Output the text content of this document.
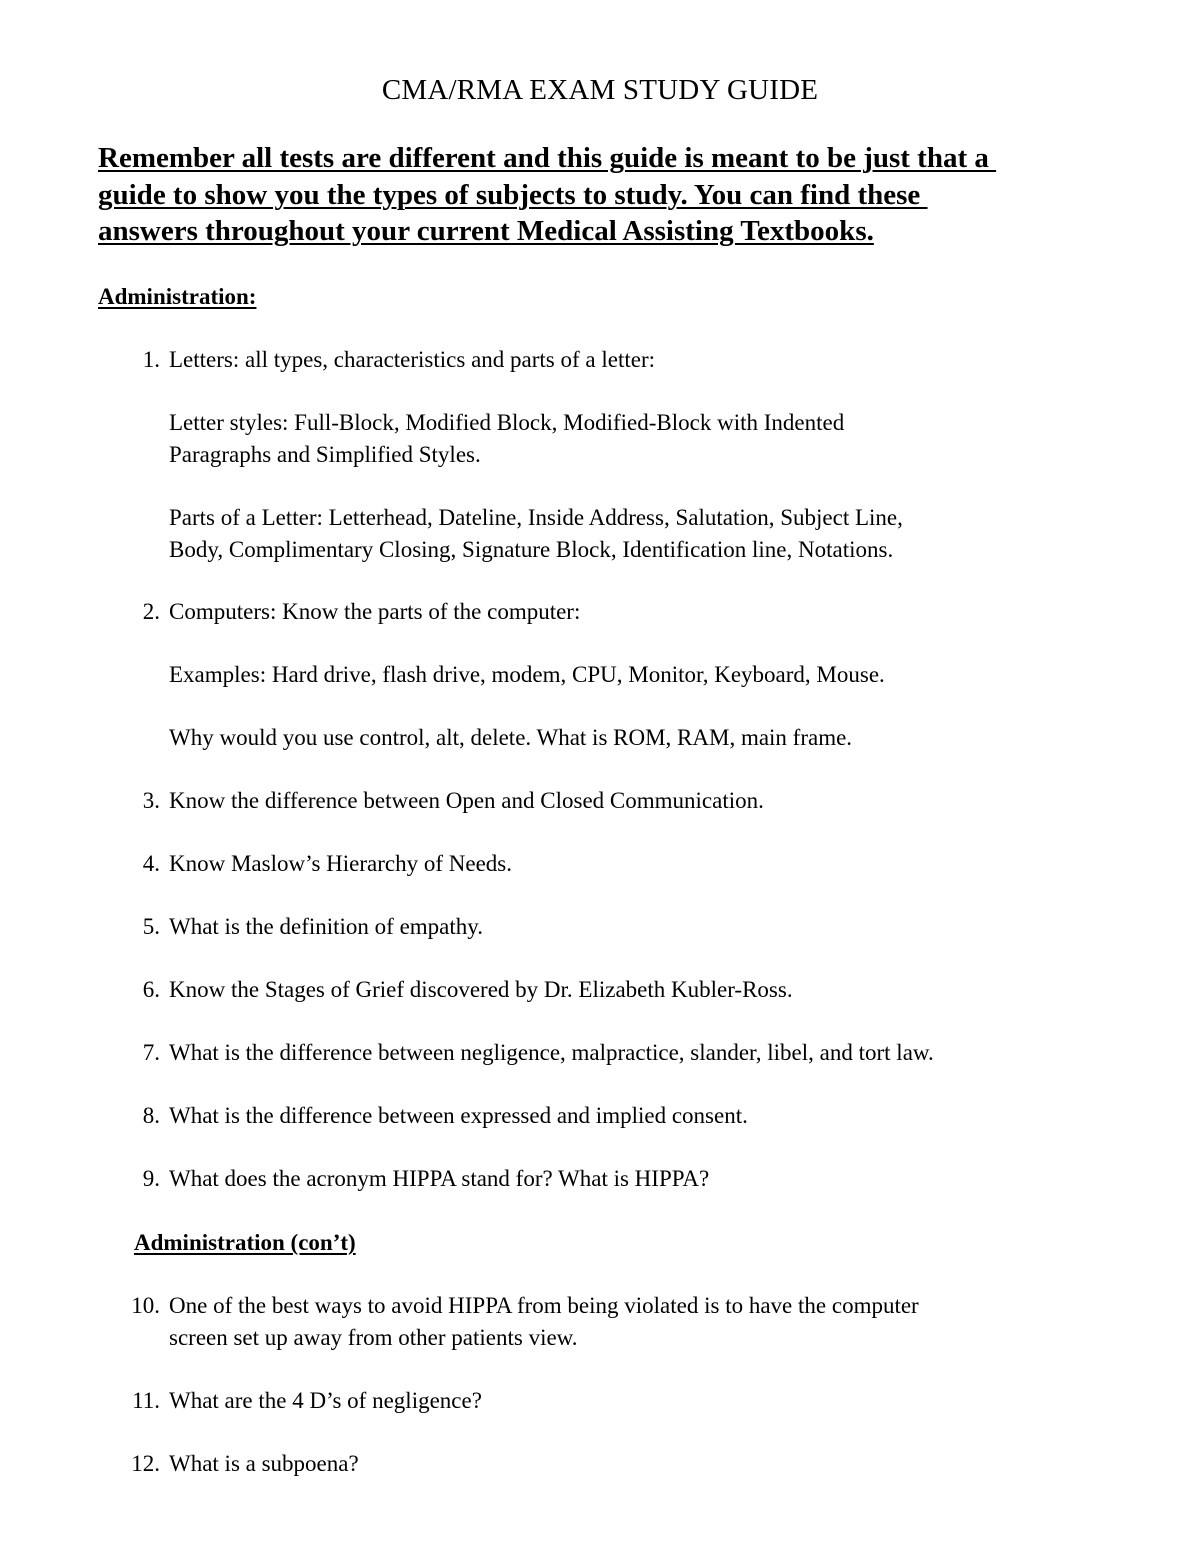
CMA/RMA EXAM STUDY GUIDE
Remember all tests are different and this guide is meant to be just that a
guide to show you the types of subjects to study. You can find these
answers throughout your current Medical Assisting Textbooks.
Administration:
1. Letters: all types, characteristics and parts of a letter:
Letter styles: Full-Block, Modified Block, Modified-Block with Indented
Paragraphs and Simplified Styles.
Parts of a Letter: Letterhead, Dateline, Inside Address, Salutation, Subject Line,
Body, Complimentary Closing, Signature Block, Identification line, Notations.
2. Computers: Know the parts of the computer:
Examples: Hard drive, flash drive, modem, CPU, Monitor, Keyboard, Mouse.
Why would you use control, alt, delete. What is ROM, RAM, main frame.
3. Know the difference between Open and Closed Communication.
4. Know Maslow’s Hierarchy of Needs.
5. What is the definition of empathy.
6. Know the Stages of Grief discovered by Dr. Elizabeth Kubler-Ross.
7. What is the difference between negligence, malpractice, slander, libel, and tort law.
8. What is the difference between expressed and implied consent.
9. What does the acronym HIPPA stand for? What is HIPPA?
Administration (con’t)
10. One of the best ways to avoid HIPPA from being violated is to have the computer
screen set up away from other patients view.
11. What are the 4 D’s of negligence?
12. What is a subpoena?
